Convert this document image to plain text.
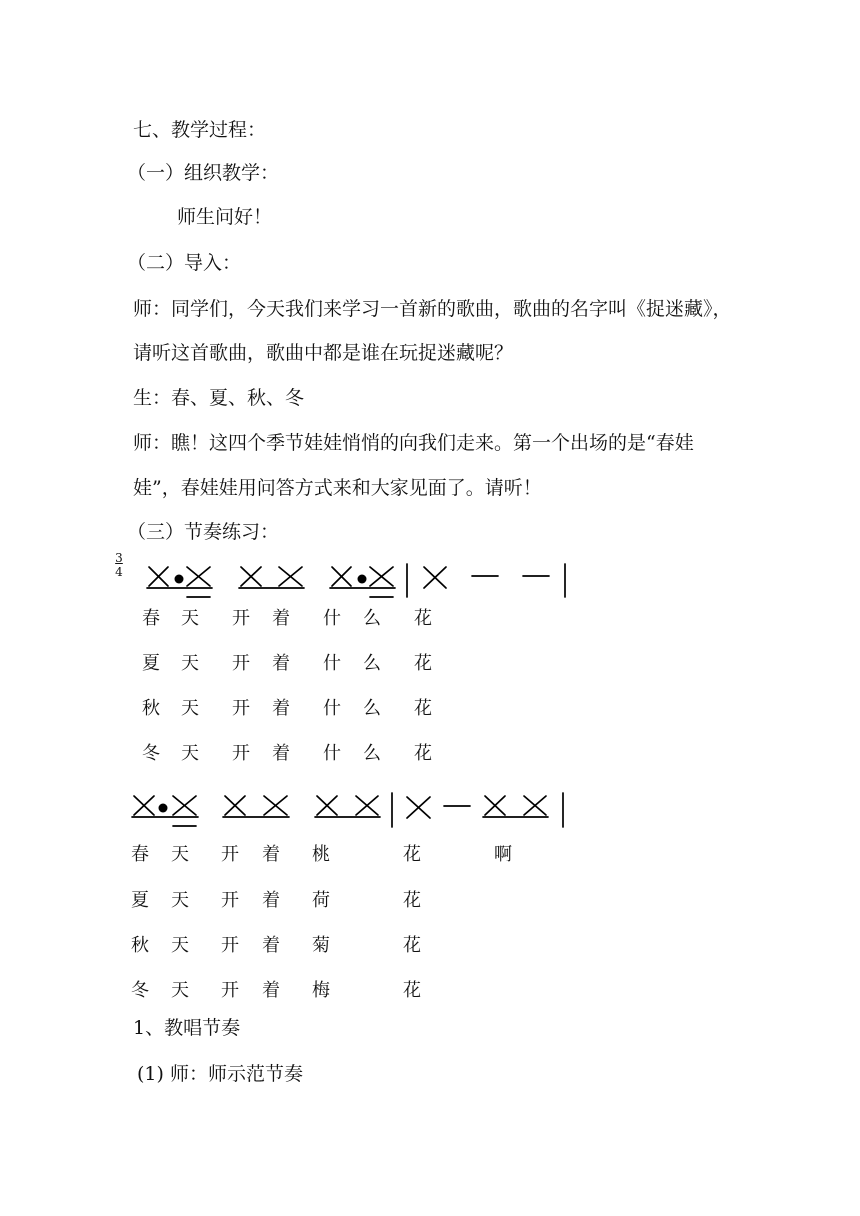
七、教学过程：
（一）组织教学：
师生问好！
（二）导入：
师：同学们，今天我们来学习一首新的歌曲，歌曲的名字叫《捉迷藏》，
请听这首歌曲，歌曲中都是谁在玩捉迷藏呢？
生：春、夏、秋、冬
师：瞧！这四个季节娃娃悄悄的向我们走来。第一个出场的是“春娃
娃”，春娃娃用问答方式来和大家见面了。请听！
（三）节奏练习：
3
4
春 天 开 着 什 么 花
夏 天 开 着 什 么 花
秋 天 开 着 什 么 花
冬 天 开 着 什 么 花
春 天 开 着 桃	花	啊
夏 天 开 着 荷	花
秋 天 开 着 菊	花
冬 天 开 着 梅	花
1、教唱节奏
(1) 师：师示范节奏
